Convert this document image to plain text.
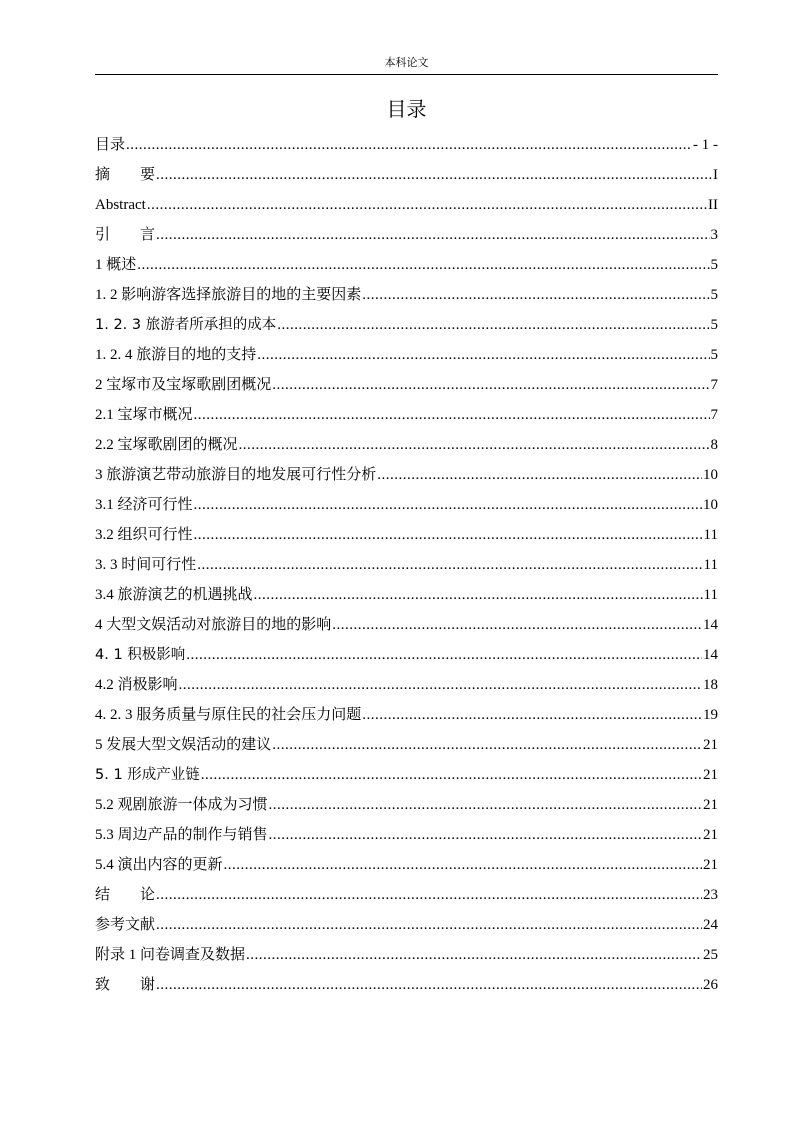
本科论文
目录
目录 .....	- 1 -
摘　　要 .....	I
Abstract .....	II
引　　言 .....	3
1 概述 .....	5
1. 2 影响游客选择旅游目的地的主要因素 .....	5
1. 2. 3 旅游者所承担的成本 .....	5
1. 2. 4 旅游目的地的支持 .....	5
2 宝塚市及宝塚歌剧团概况 .....	7
2.1 宝塚市概况 .....	7
2.2 宝塚歌剧团的概况 .....	8
3 旅游演艺带动旅游目的地发展可行性分析 .....	10
3.1 经济可行性 .....	10
3.2 组织可行性 .....	11
3. 3 时间可行性 .....	11
3.4 旅游演艺的机遇挑战 .....	11
4 大型文娱活动对旅游目的地的影响 .....	14
4. 1 积极影响 .....	14
4.2 消极影响 .....	18
4. 2. 3 服务质量与原住民的社会压力问题 .....	19
5 发展大型文娱活动的建议 .....	21
5. 1 形成产业链 .....	21
5.2 观剧旅游一体成为习惯 .....	21
5.3 周边产品的制作与销售 .....	21
5.4 演出内容的更新 .....	21
结　　论 .....	23
参考文献 .....	24
附录 1 问卷调查及数据 .....	25
致　　谢 .....	26
